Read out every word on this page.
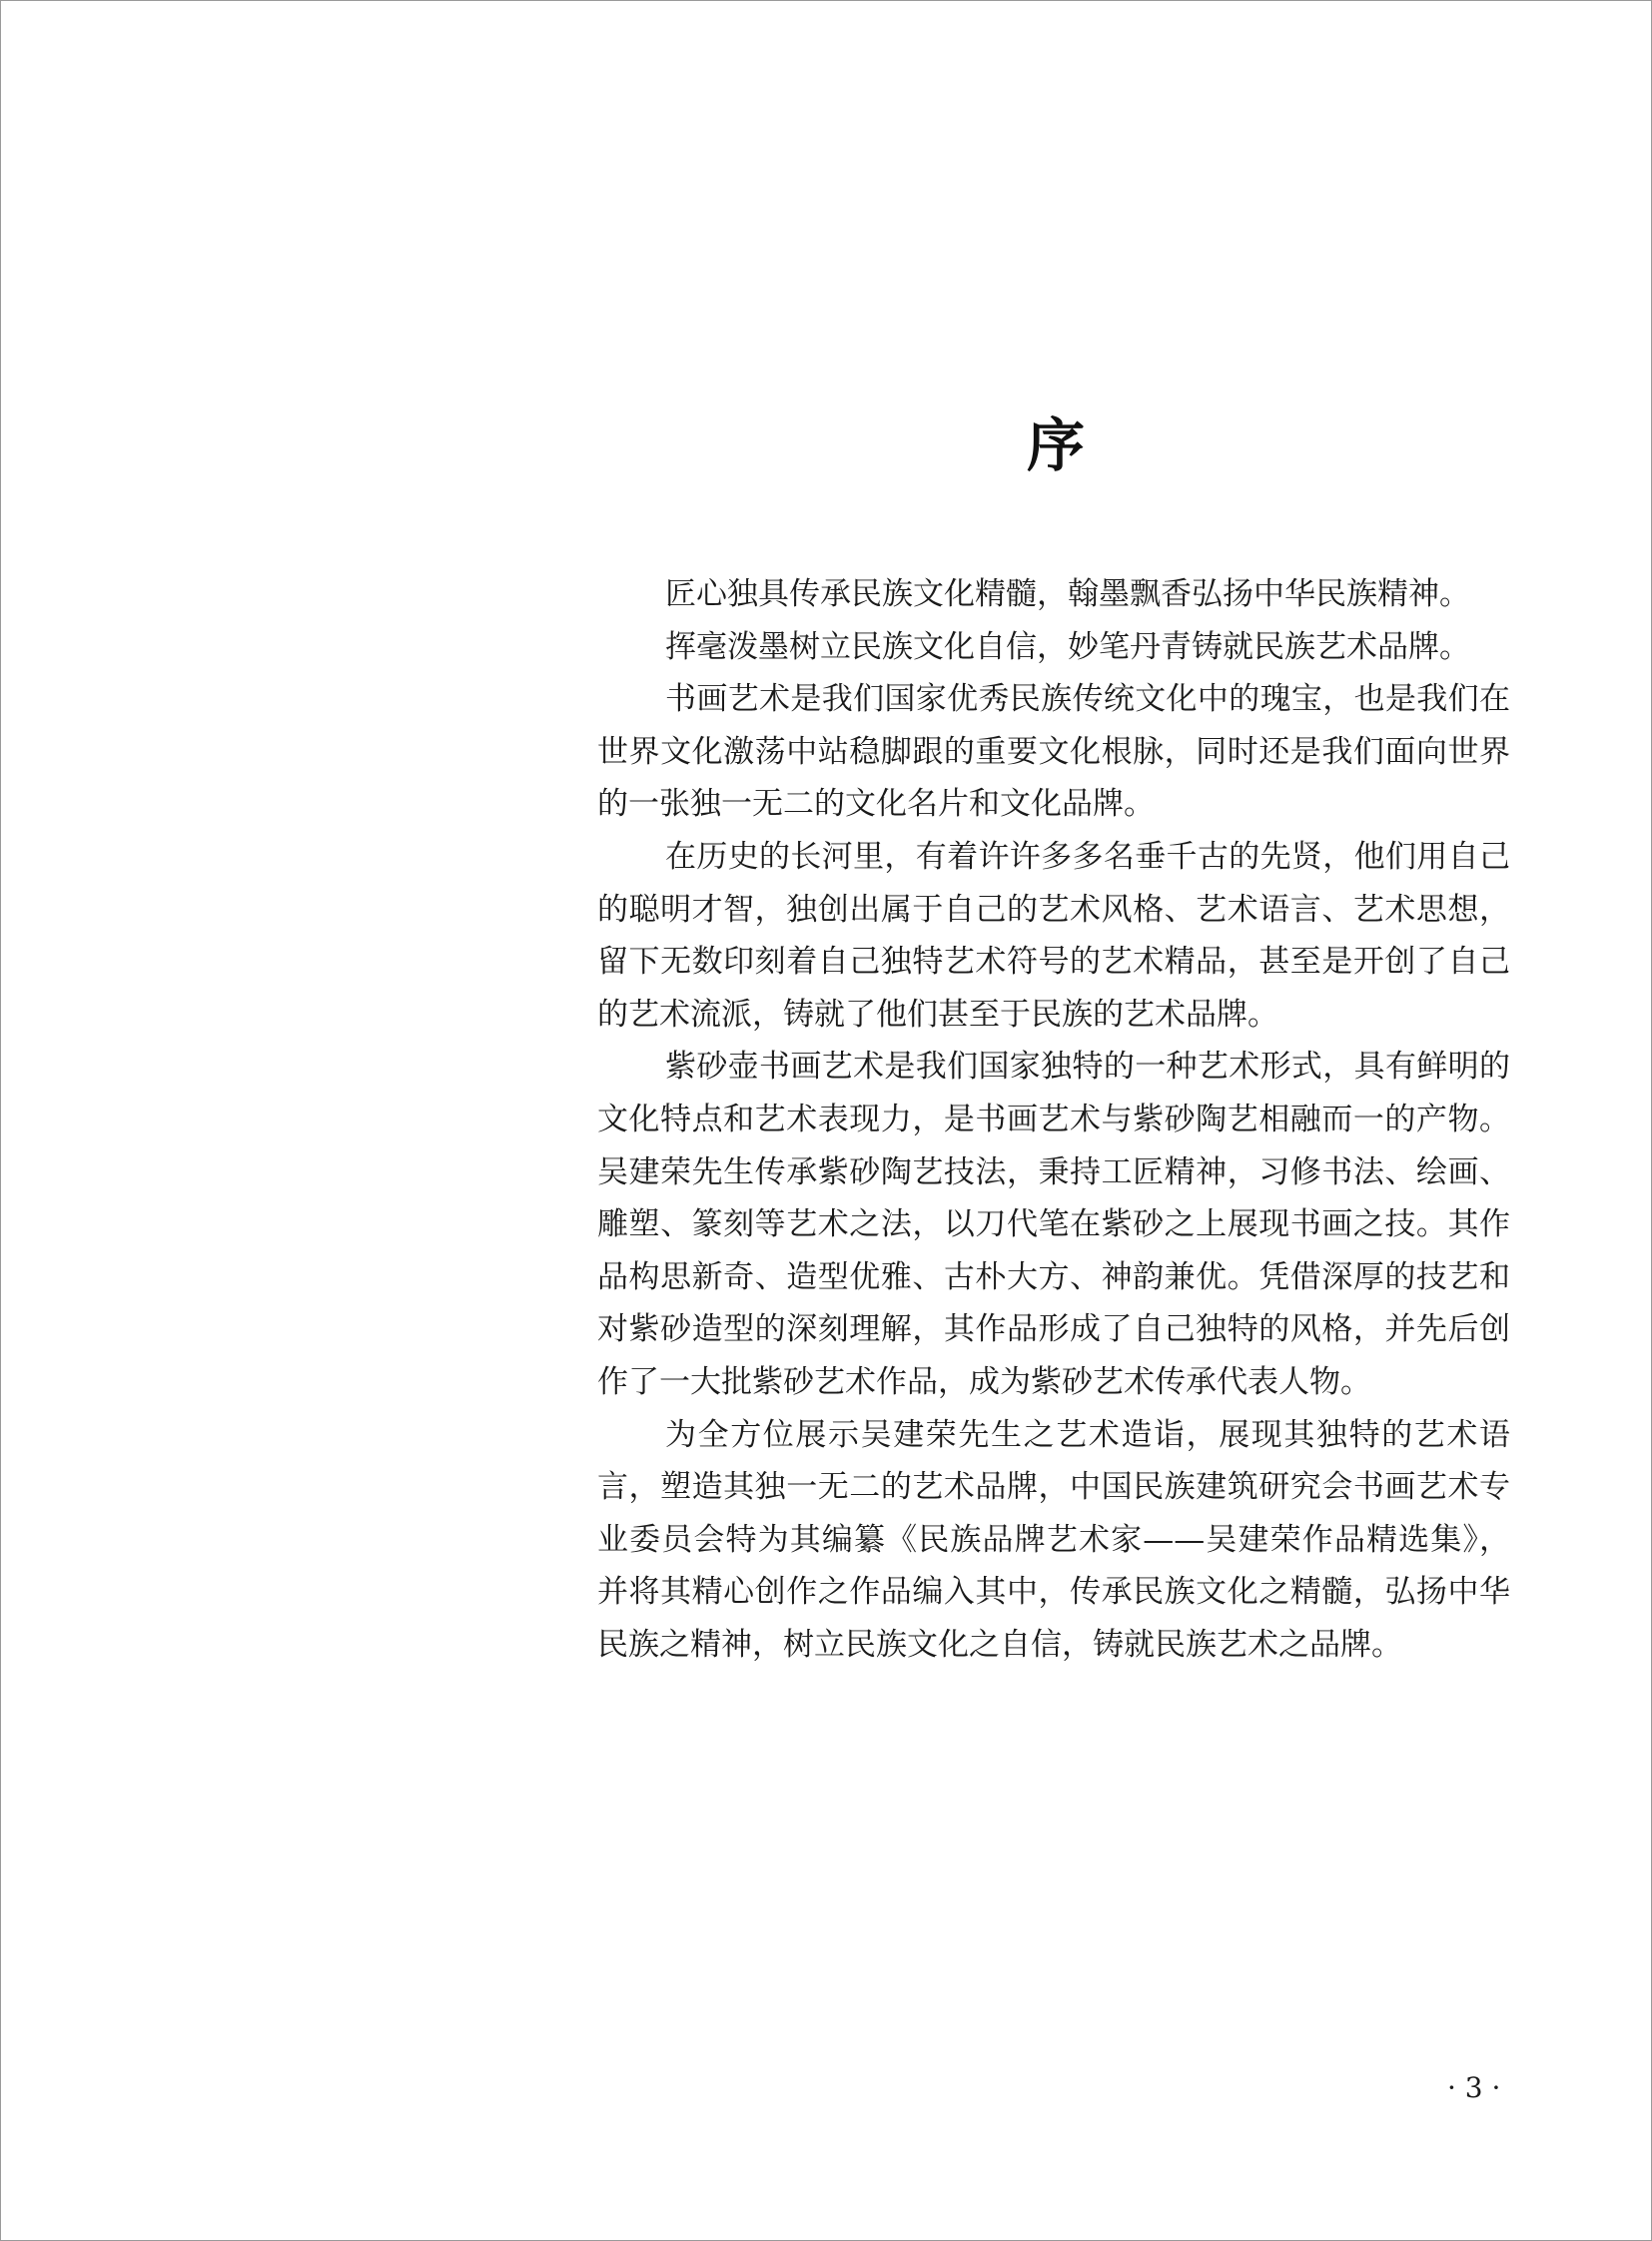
序

匠心独具传承民族文化精髓，翰墨飘香弘扬中华民族精神。

挥毫泼墨树立民族文化自信，妙笔丹青铸就民族艺术品牌。

书画艺术是我们国家优秀民族传统文化中的瑰宝，也是我们在世界文化激荡中站稳脚跟的重要文化根脉，同时还是我们面向世界的一张独一无二的文化名片和文化品牌。

在历史的长河里，有着许许多多名垂千古的先贤，他们用自己的聪明才智，独创出属于自己的艺术风格、艺术语言、艺术思想，留下无数印刻着自己独特艺术符号的艺术精品，甚至是开创了自己的艺术流派，铸就了他们甚至于民族的艺术品牌。

紫砂壶书画艺术是我们国家独特的一种艺术形式，具有鲜明的文化特点和艺术表现力，是书画艺术与紫砂陶艺相融而一的产物。吴建荣先生传承紫砂陶艺技法，秉持工匠精神，习修书法、绘画、雕塑、篆刻等艺术之法，以刀代笔在紫砂之上展现书画之技。其作品构思新奇、造型优雅、古朴大方、神韵兼优。凭借深厚的技艺和对紫砂造型的深刻理解，其作品形成了自己独特的风格，并先后创作了一大批紫砂艺术作品，成为紫砂艺术传承代表人物。

为全方位展示吴建荣先生之艺术造诣，展现其独特的艺术语言，塑造其独一无二的艺术品牌，中国民族建筑研究会书画艺术专业委员会特为其编纂《民族品牌艺术家——吴建荣作品精选集》，并将其精心创作之作品编入其中，传承民族文化之精髓，弘扬中华民族之精神，树立民族文化之自信，铸就民族艺术之品牌。

· 3 ·
